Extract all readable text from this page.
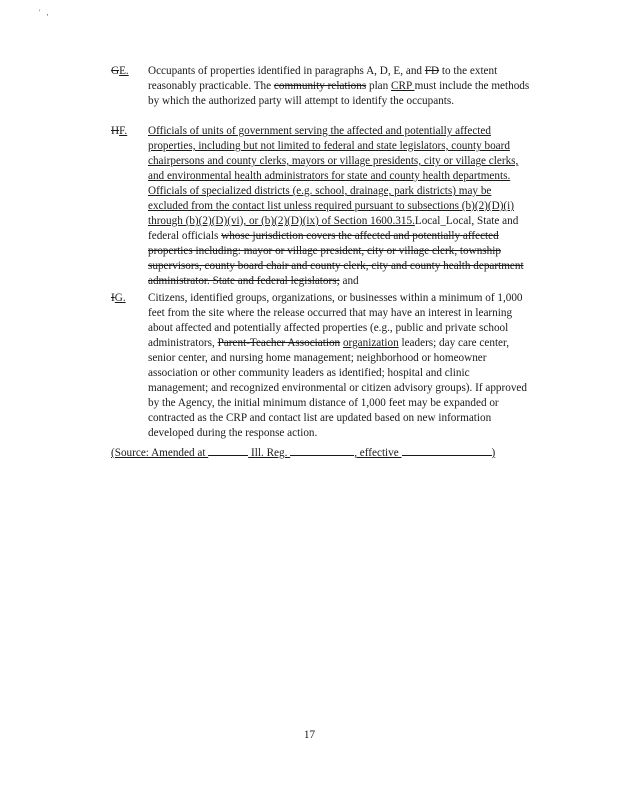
' ,
GE.	Occupants of properties identified in paragraphs A, D, E, and FD to the extent reasonably practicable. The community relations plan CRP must include the methods by which the authorized party will attempt to identify the occupants.
HF.	Officials of units of government serving the affected and potentially affected properties, including but not limited to federal and state legislators, county board chairpersons and county clerks, mayors or village presidents, city or village clerks, and environmental health administrators for state and county health departments. Officials of specialized districts (e.g. school, drainage, park districts) may be excluded from the contact list unless required pursuant to subsections (b)(2)(D)(i) through (b)(2)(D)(vi), or (b)(2)(D)(ix) of Section 1600.315.Local_Local, State and federal officials whose jurisdiction covers the affected and potentially affected properties including: mayor or village president, city or village clerk, township supervisors, county board chair and county clerk, city and county health department administrator. State and federal legislators; and
IG.	Citizens, identified groups, organizations, or businesses within a minimum of 1,000 feet from the site where the release occurred that may have an interest in learning about affected and potentially affected properties (e.g., public and private school administrators, Parent-Teacher Association organization leaders; day care center, senior center, and nursing home management; neighborhood or homeowner association or other community leaders as identified; hospital and clinic management; and recognized environmental or citizen advisory groups). If approved by the Agency, the initial minimum distance of 1,000 feet may be expanded or contracted as the CRP and contact list are updated based on new information developed during the response action.
(Source: Amended at	Ill. Reg.	, effective	)
17
